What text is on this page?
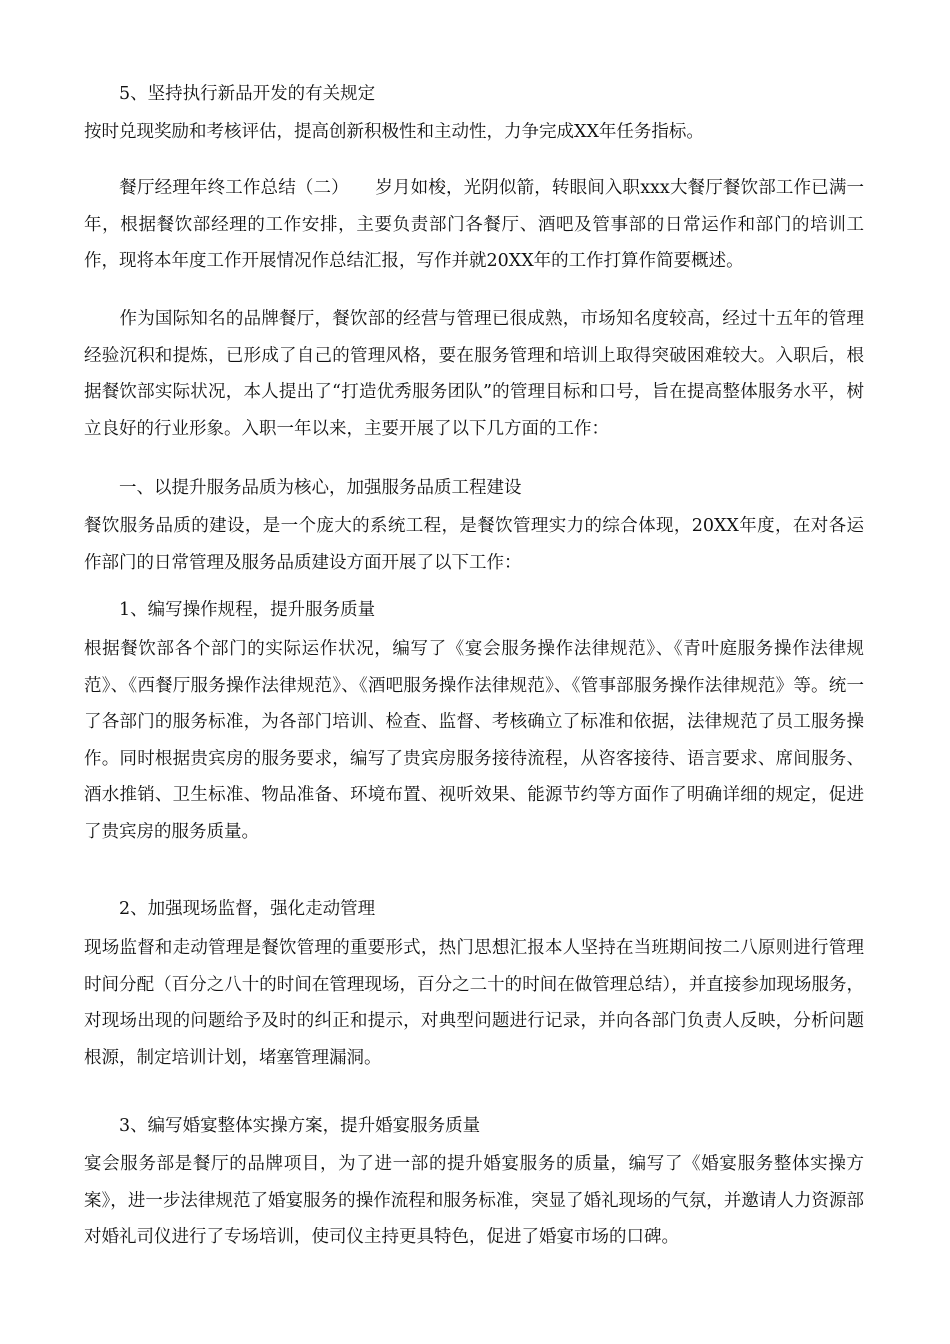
　　5、坚持执行新品开发的有关规定

按时兑现奖励和考核评估，提高创新积极性和主动性，力争完成XX年任务指标。

　　餐厅经理年终工作总结（二）　　岁月如梭，光阴似箭，转眼间入职xxx大餐厅餐饮部工作已满一年，根据餐饮部经理的工作安排，主要负责部门各餐厅、酒吧及管事部的日常运作和部门的培训工作，现将本年度工作开展情况作总结汇报，写作并就20XX年的工作打算作简要概述。

　　作为国际知名的品牌餐厅，餐饮部的经营与管理已很成熟，市场知名度较高，经过十五年的管理经验沉积和提炼，已形成了自己的管理风格，要在服务管理和培训上取得突破困难较大。入职后，根据餐饮部实际状况，本人提出了“打造优秀服务团队”的管理目标和口号，旨在提高整体服务水平，树立良好的行业形象。入职一年以来，主要开展了以下几方面的工作：

　　一、以提升服务品质为核心，加强服务品质工程建设

餐饮服务品质的建设，是一个庞大的系统工程，是餐饮管理实力的综合体现，20XX年度，在对各运作部门的日常管理及服务品质建设方面开展了以下工作：

　　1、编写操作规程，提升服务质量

根据餐饮部各个部门的实际运作状况，编写了《宴会服务操作法律规范》、《青叶庭服务操作法律规范》、《西餐厅服务操作法律规范》、《酒吧服务操作法律规范》、《管事部服务操作法律规范》等。统一了各部门的服务标准，为各部门培训、检查、监督、考核确立了标准和依据，法律规范了员工服务操作。同时根据贵宾房的服务要求，编写了贵宾房服务接待流程，从咨客接待、语言要求、席间服务、酒水推销、卫生标准、物品准备、环境布置、视听效果、能源节约等方面作了明确详细的规定，促进了贵宾房的服务质量。

　　2、加强现场监督，强化走动管理

现场监督和走动管理是餐饮管理的重要形式，热门思想汇报本人坚持在当班期间按二八原则进行管理时间分配（百分之八十的时间在管理现场，百分之二十的时间在做管理总结），并直接参加现场服务，对现场出现的问题给予及时的纠正和提示，对典型问题进行记录，并向各部门负责人反映，分析问题根源，制定培训计划，堵塞管理漏洞。

　　3、编写婚宴整体实操方案，提升婚宴服务质量

宴会服务部是餐厅的品牌项目，为了进一部的提升婚宴服务的质量，编写了《婚宴服务整体实操方案》，进一步法律规范了婚宴服务的操作流程和服务标准，突显了婚礼现场的气氛，并邀请人力资源部对婚礼司仪进行了专场培训，使司仪主持更具特色，促进了婚宴市场的口碑。
